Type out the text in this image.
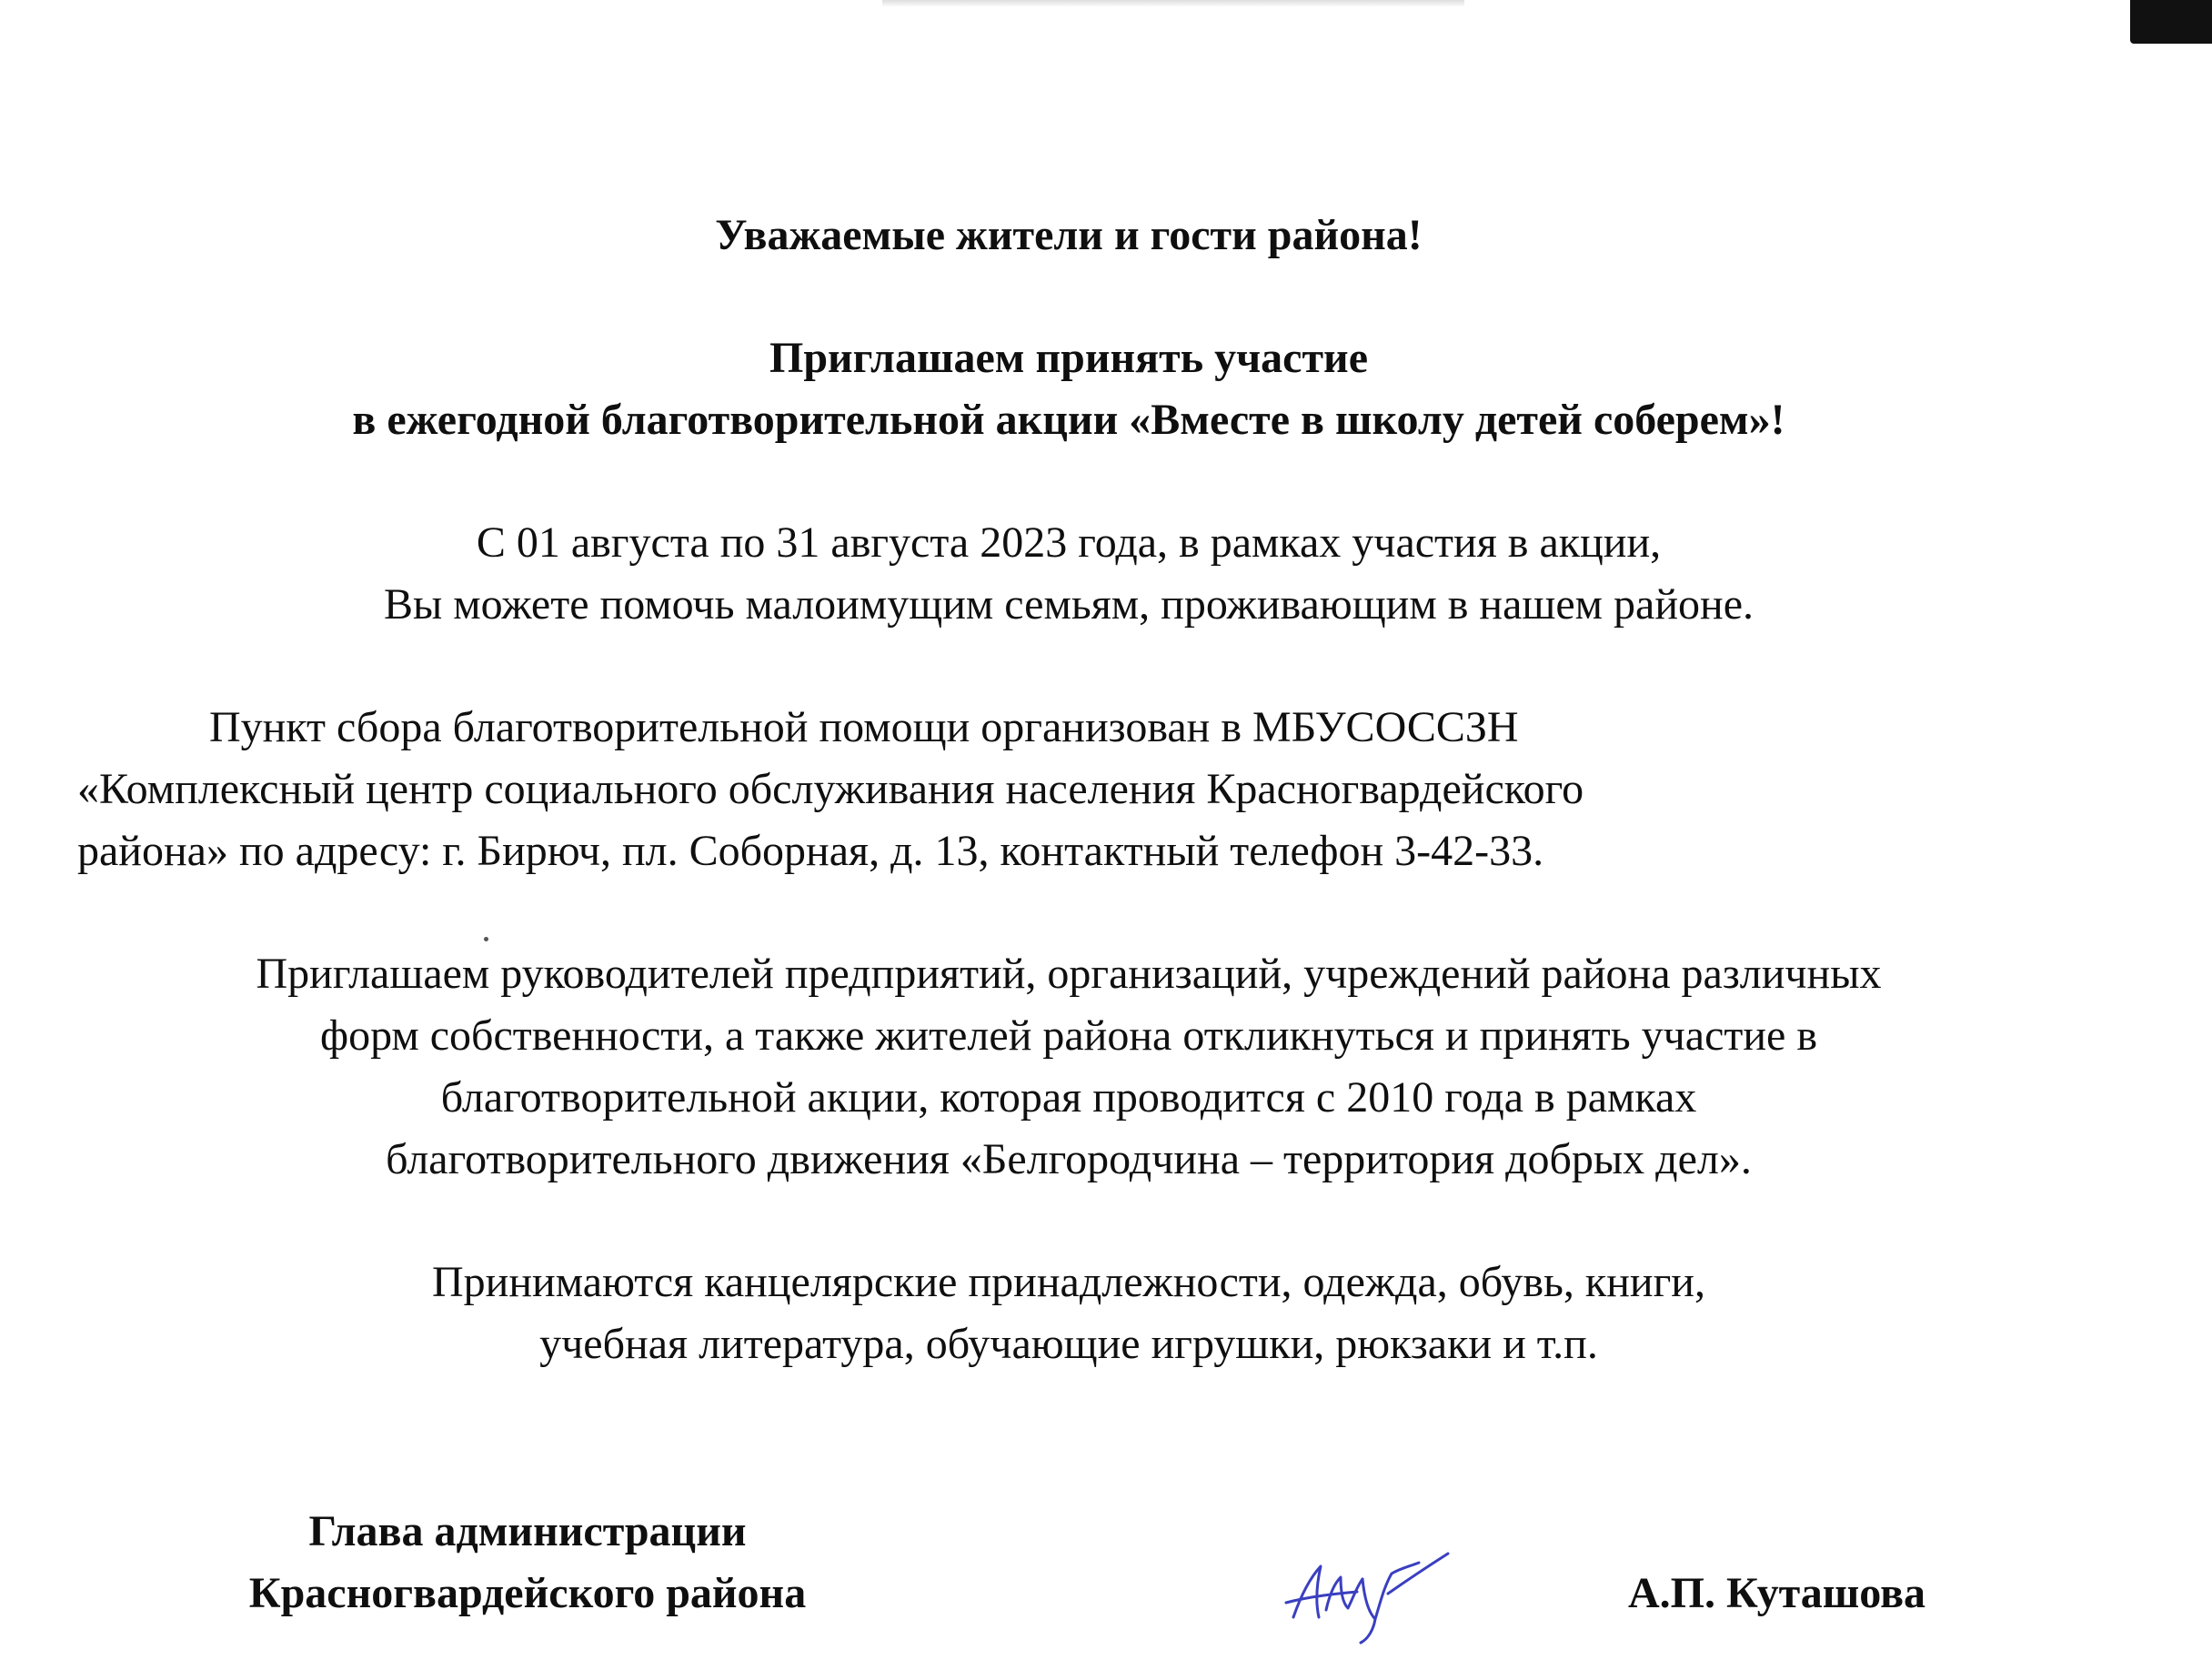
Уважаемые жители и гости района!
Приглашаем принять участие
в ежегодной благотворительной акции «Вместе в школу детей соберем»!
С 01 августа по 31 августа 2023 года, в рамках участия в акции,
Вы можете помочь малоимущим семьям, проживающим в нашем районе.
Пункт сбора благотворительной помощи организован в МБУСОССЗН
«Комплексный центр социального обслуживания населения Красногвардейского
района» по адресу: г. Бирюч, пл. Соборная, д. 13, контактный телефон 3-42-33.
Приглашаем руководителей предприятий, организаций, учреждений района различных
форм собственности, а также жителей района откликнуться и принять участие в
благотворительной акции, которая проводится с 2010 года в рамках
благотворительного движения «Белгородчина – территория добрых дел».
Принимаются канцелярские принадлежности, одежда, обувь, книги,
учебная литература, обучающие игрушки, рюкзаки и т.п.
Глава администрации
Красногвардейского района	А.П. Куташова
